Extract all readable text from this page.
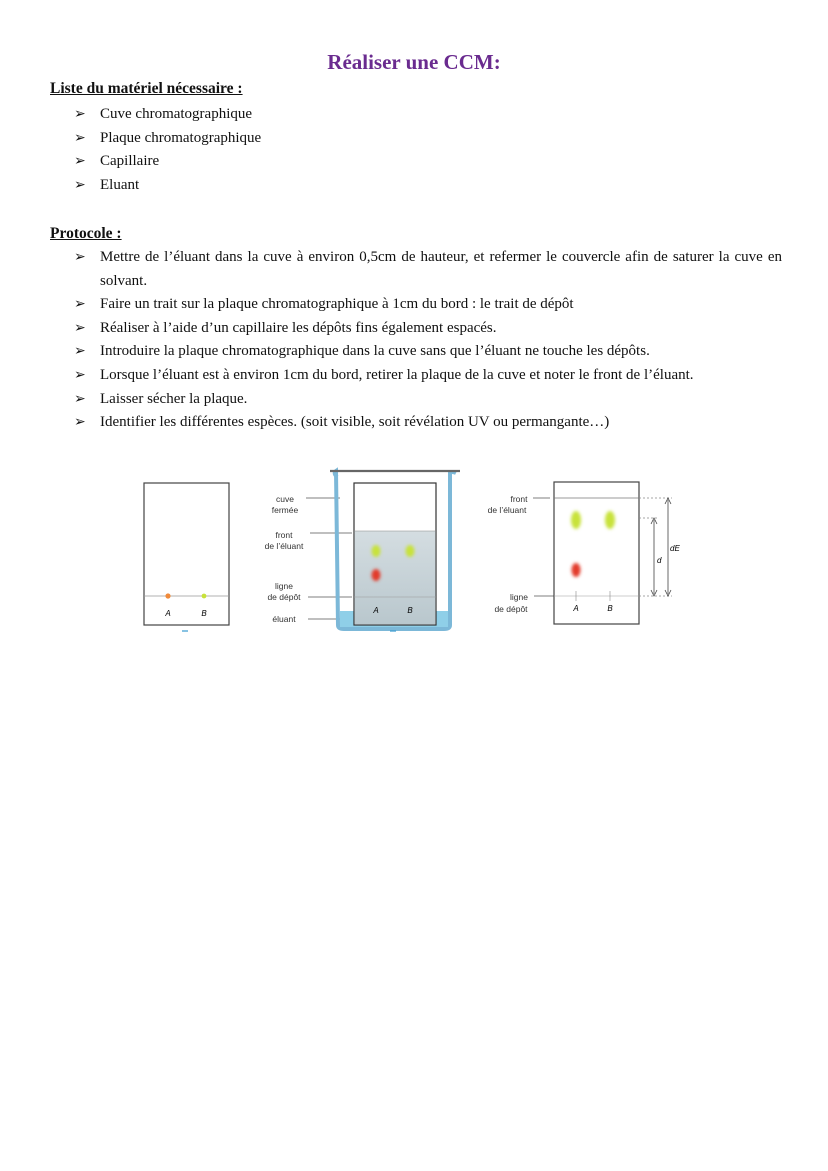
Réaliser une CCM:
Liste du matériel nécessaire :
➢ Cuve chromatographique
➢ Plaque chromatographique
➢ Capillaire
➢ Eluant
Protocole :
➢ Mettre de l’éluant dans la cuve à environ 0,5cm de hauteur, et refermer le couvercle afin de saturer la cuve en solvant.
➢ Faire un trait sur la plaque chromatographique à 1cm du bord : le trait de dépôt
➢ Réaliser à l’aide d’un capillaire les dépôts fins également espacés.
➢ Introduire la plaque chromatographique dans la cuve sans que l’éluant ne touche les dépôts.
➢ Lorsque l’éluant est à environ 1cm du bord, retirer la plaque de la cuve et noter le front de l’éluant.
➢ Laisser sécher la plaque.
➢ Identifier les différentes espèces. (soit visible, soit révélation UV ou permangante…)
A	B
cuve
fermée
front
de l’éluant
ligne
de dépôt
éluant
A	B
front
de l’éluant
ligne
de dépôt	A	B
d
dE
